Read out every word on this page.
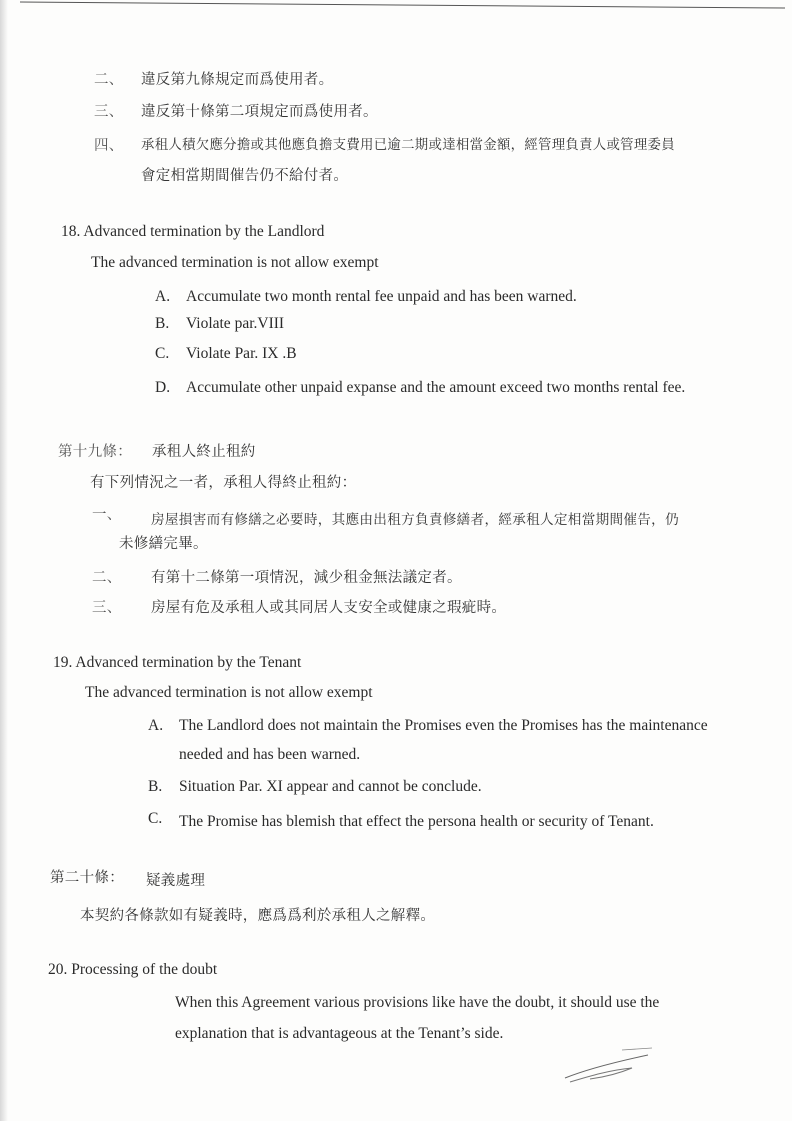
二、 違反第九條規定而爲使用者。
三、 違反第十條第二項規定而爲使用者。
四、 承租人積欠應分擔或其他應負擔支費用已逾二期或達相當金額，經管理負責人或管理委員
會定相當期間催告仍不給付者。
18. Advanced termination by the Landlord
The advanced termination is not allow exempt
A. Accumulate two month rental fee unpaid and has been warned.
B. Violate par.VIII
C. Violate Par. IX .B
D. Accumulate other unpaid expanse and the amount exceed two months rental fee.
第十九條： 承租人終止租約
有下列情況之一者，承租人得終止租約：
一、 房屋損害而有修繕之必要時，其應由出租方負責修繕者，經承租人定相當期間催告，仍
未修繕完畢。
二、 有第十二條第一項情況，減少租金無法議定者。
三、 房屋有危及承租人或其同居人支安全或健康之瑕疵時。
19. Advanced termination by the Tenant
The advanced termination is not allow exempt
A. The Landlord does not maintain the Promises even the Promises has the maintenance
needed and has been warned.
B. Situation Par. XI appear and cannot be conclude.
C. The Promise has blemish that effect the persona health or security of Tenant.
第二十條： 疑義處理
本契約各條款如有疑義時，應爲爲利於承租人之解釋。
20. Processing of the doubt
When this Agreement various provisions like have the doubt, it should use the
explanation that is advantageous at the Tenant’s side.
